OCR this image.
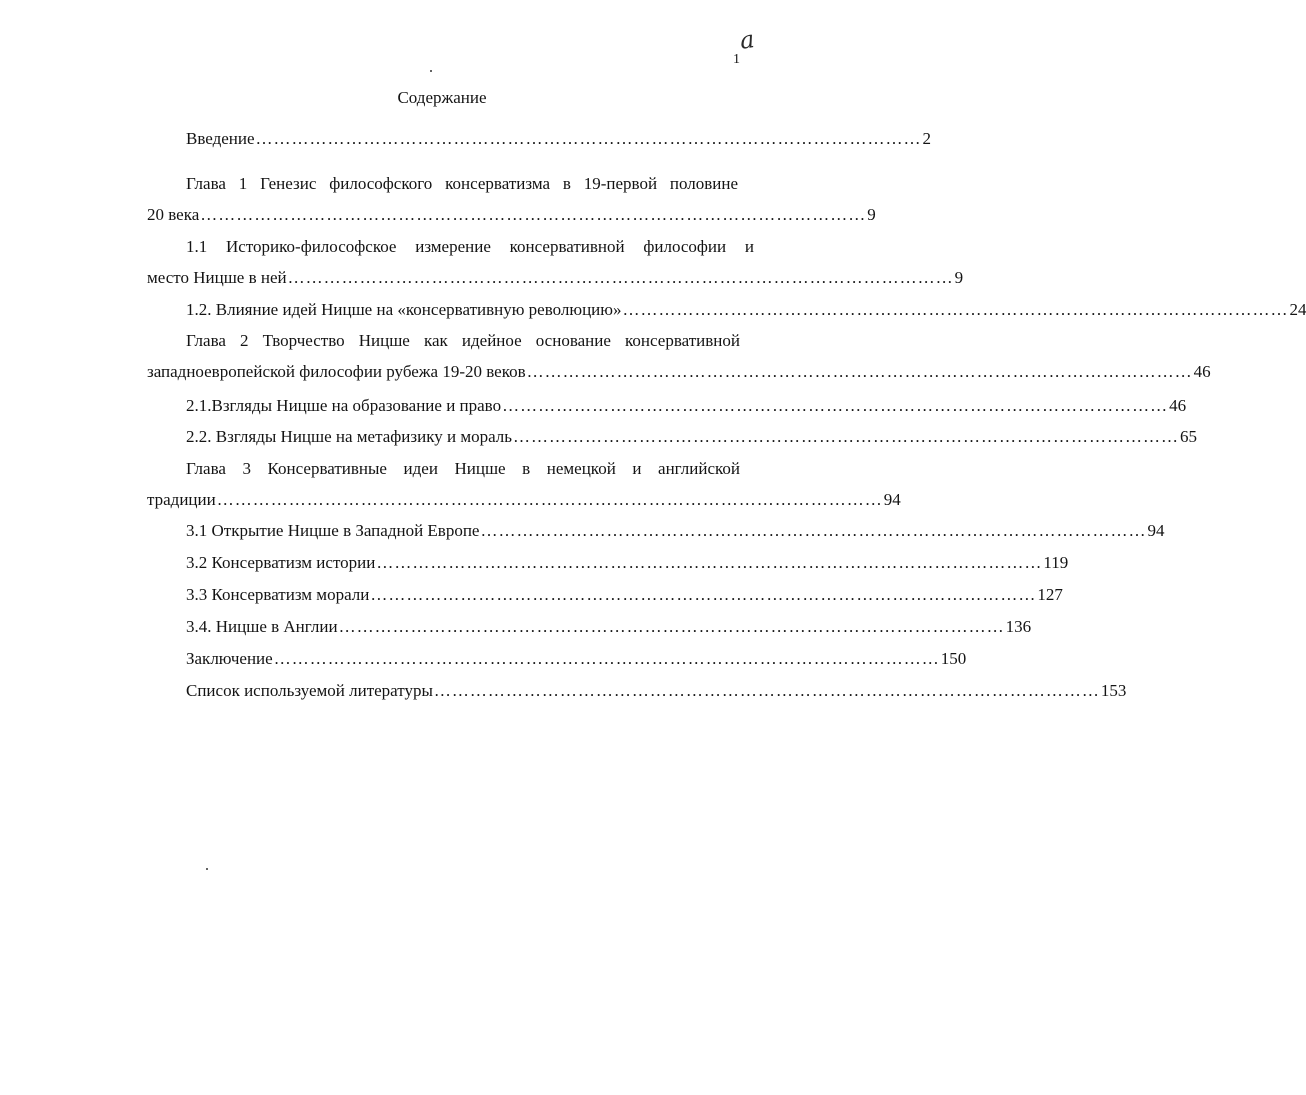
a
1
Содержание
Введение ………………………………………………………………………………………………… 2
Глава 1 Генезис философского консерватизма в 19-первой половине
20 века ………………………………………………………………………………………………… 9
1.1 Историко-философское измерение консервативной философии и
место Ницше в ней ………………………………………………………………………………………………… 9
1.2. Влияние идей Ницше на «консервативную революцию» ………………………………………………………………………………………………… 24
Глава 2 Творчество Ницше как идейное основание консервативной
западноевропейской философии рубежа 19-20 веков ………………………………………………………………………………………………… 46
2.1.Взгляды Ницше на образование и право ………………………………………………………………………………………………… 46
2.2. Взгляды Ницше на метафизику и мораль ………………………………………………………………………………………………… 65
Глава 3 Консервативные идеи Ницше в немецкой и английской
традиции ………………………………………………………………………………………………… 94
3.1 Открытие Ницше в Западной Европе ………………………………………………………………………………………………… 94
3.2 Консерватизм истории ………………………………………………………………………………………………… 119
3.3 Консерватизм морали ………………………………………………………………………………………………… 127
3.4. Ницше в Англии ………………………………………………………………………………………………… 136
Заключение ………………………………………………………………………………………………… 150
Список используемой литературы ………………………………………………………………………………………………… 153
